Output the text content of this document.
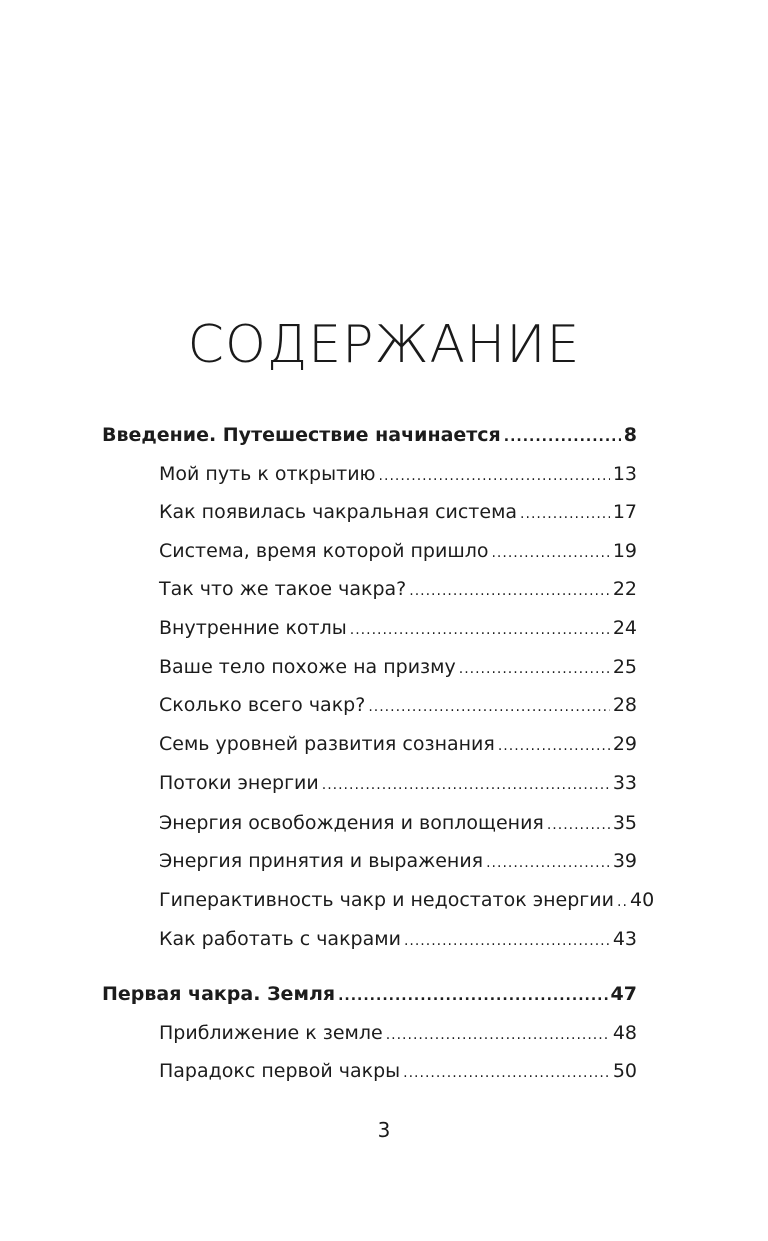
СОДЕРЖАНИЕ
Введение. Путешествие начинается .....	8
Мой путь к открытию .....	13
Как появилась чакральная система .....	17
Система, время которой пришло .....	19
Так что же такое чакра? .....	22
Внутренние котлы .....	24
Ваше тело похоже на призму .....	25
Сколько всего чакр? .....	28
Семь уровней развития сознания .....	29
Потоки энергии .....	33
Энергия освобождения и воплощения .....	35
Энергия принятия и выражения .....	39
Гиперактивность чакр и недостаток энергии ..... 40
Как работать с чакрами .....	43
Первая чакра. Земля .....	47
Приближение к земле .....	48
Парадокс первой чакры .....	50
3
